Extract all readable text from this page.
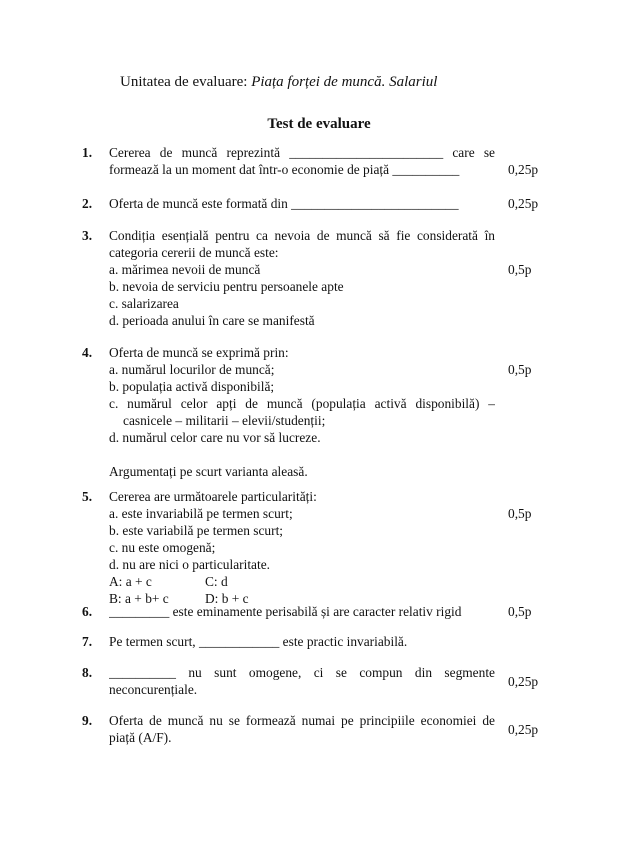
Unitatea de evaluare: Piața forței de muncă. Salariul
Test de evaluare
1. Cererea de muncă reprezintă _______________________ care se
formează la un moment dat într-o economie de piață __________	0,25p
2. Oferta de muncă este formată din _________________________	0,25p
3. Condiția esențială pentru ca nevoia de muncă să fie considerată în
categoria cererii de muncă este:
a. mărimea nevoii de muncă
b. nevoia de serviciu pentru persoanele apte
c. salarizarea
d. perioada anului în care se manifestă
0,5p
4. Oferta de muncă se exprimă prin:
a. numărul locurilor de muncă;
b. populația activă disponibilă;
c. numărul celor apți de muncă (populația activă disponibilă) –
casnicele – militarii – elevii/studenții;
d. numărul celor care nu vor să lucreze.
Argumentați pe scurt varianta aleasă.
0,5p
5. Cererea are următoarele particularități:
a. este invariabilă pe termen scurt;
b. este variabilă pe termen scurt;
c. nu este omogenă;
d. nu are nici o particularitate.
A: a + c	C: d
B: a + b+ c	D: b + c
0,5p
6. _________ este eminamente perisabilă și are caracter relativ rigid	0,5p
7. Pe termen scurt, ____________ este practic invariabilă.
8. __________ nu sunt omogene, ci se compun din segmente
neconcurențiale.
0,25p
9. Oferta de muncă nu se formează numai pe principiile economiei de
piață (A/F).
0,25p
